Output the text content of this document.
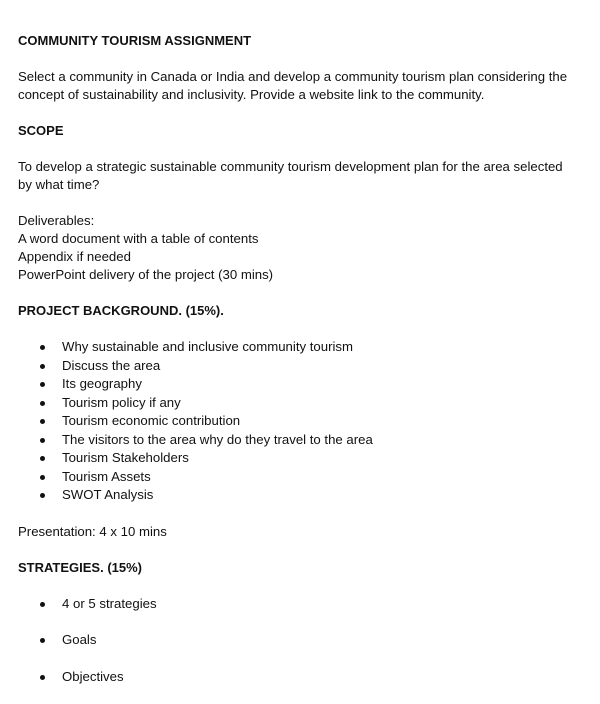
COMMUNITY TOURISM ASSIGNMENT

Select a community in Canada or India and develop a community tourism plan considering the

concept of sustainability and inclusivity. Provide a website link to the community.

SCOPE

To develop a strategic sustainable community tourism development plan for the area selected

by what time?

Deliverables:

A word document with a table of contents

Appendix if needed

PowerPoint delivery of the project (30 mins)

PROJECT BACKGROUND. (15%).

Why sustainable and inclusive community tourism
Discuss the area
Its geography
Tourism policy if any
Tourism economic contribution
The visitors to the area why do they travel to the area
Tourism Stakeholders
Tourism Assets
SWOT Analysis

Presentation: 4 x 10 mins

STRATEGIES. (15%)

4 or 5 strategies
Goals
Objectives
